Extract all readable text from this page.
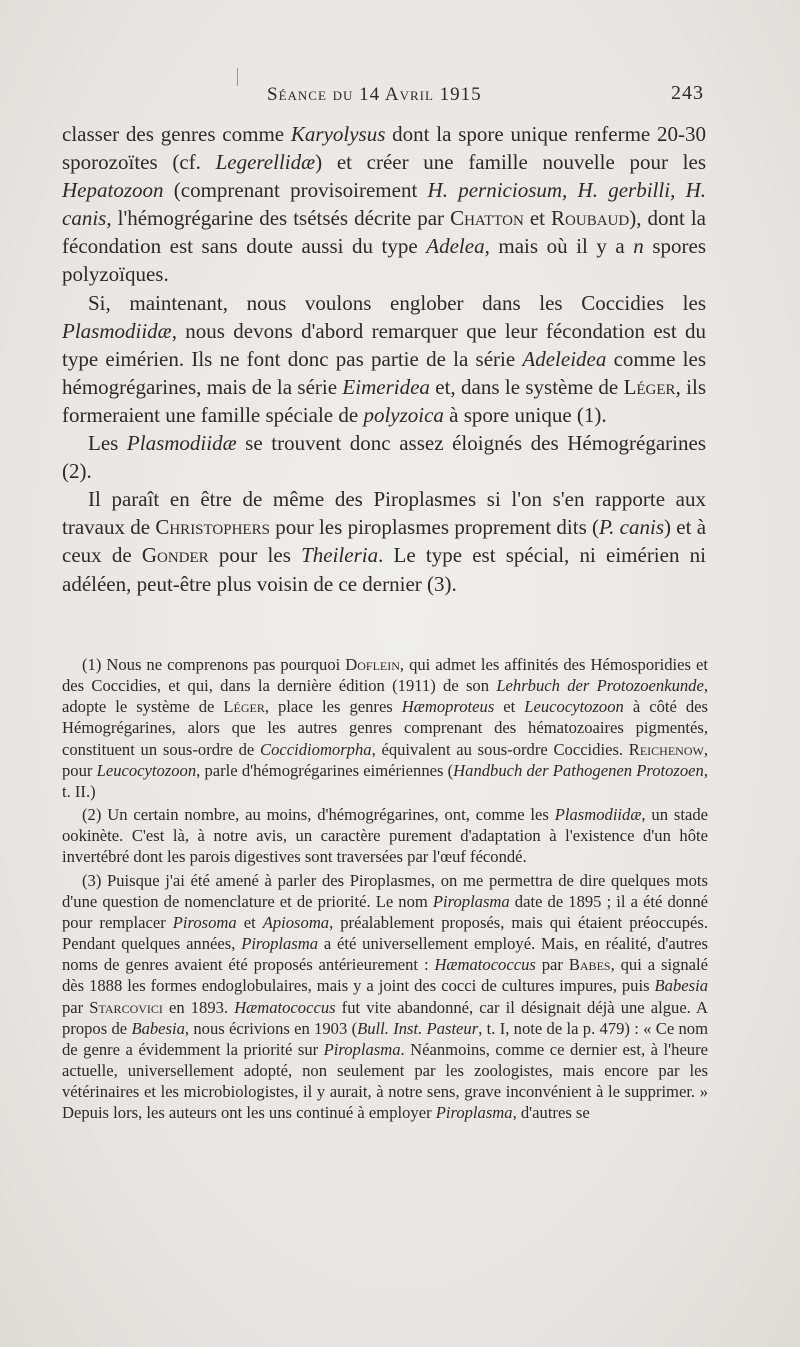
Séance du 14 Avril 1915	243

classer des genres comme Karyolysus dont la spore unique renferme 20-30 sporozoïtes (cf. Legerellidæ) et créer une famille nouvelle pour les Hepatozoon (comprenant provisoirement H. perniciosum, H. gerbilli, H. canis, l'hémogrégarine des tsétsés décrite par Chatton et Roubaud), dont la fécondation est sans doute aussi du type Adelea, mais où il y a n spores polyzoïques.

Si, maintenant, nous voulons englober dans les Coccidies les Plasmodiidæ, nous devons d'abord remarquer que leur fécondation est du type eimérien. Ils ne font donc pas partie de la série Adeleidea comme les hémogrégarines, mais de la série Eimeridea et, dans le système de Léger, ils formeraient une famille spéciale de polyzoica à spore unique (1).

Les Plasmodiidæ se trouvent donc assez éloignés des Hémogrégarines (2).

Il paraît en être de même des Piroplasmes si l'on s'en rapporte aux travaux de Christophers pour les piroplasmes proprement dits (P. canis) et à ceux de Gonder pour les Theileria. Le type est spécial, ni eimérien ni adéléen, peut-être plus voisin de ce dernier (3).

(1) Nous ne comprenons pas pourquoi Doflein, qui admet les affinités des Hémosporidies et des Coccidies, et qui, dans la dernière édition (1911) de son Lehrbuch der Protozoenkunde, adopte le système de Léger, place les genres Hæmoproteus et Leucocytozoon à côté des Hémogrégarines, alors que les autres genres comprenant des hématozoaires pigmentés, constituent un sous-ordre de Coccidiomorpha, équivalent au sous-ordre Coccidies. Reichenow, pour Leucocytozoon, parle d'hémogrégarines eimériennes (Handbuch der Pathogenen Protozoen, t. II.)

(2) Un certain nombre, au moins, d'hémogrégarines, ont, comme les Plasmodiidæ, un stade ookinète. C'est là, à notre avis, un caractère purement d'adaptation à l'existence d'un hôte invertébré dont les parois digestives sont traversées par l'œuf fécondé.

(3) Puisque j'ai été amené à parler des Piroplasmes, on me permettra de dire quelques mots d'une question de nomenclature et de priorité. Le nom Piroplasma date de 1895 ; il a été donné pour remplacer Pirosoma et Apiosoma, préalablement proposés, mais qui étaient préoccupés. Pendant quelques années, Piroplasma a été universellement employé. Mais, en réalité, d'autres noms de genres avaient été proposés antérieurement : Hæmatococcus par Babes, qui a signalé dès 1888 les formes endoglobulaires, mais y a joint des cocci de cultures impures, puis Babesia par Starcovici en 1893. Hæmatococcus fut vite abandonné, car il désignait déjà une algue. A propos de Babesia, nous écrivions en 1903 (Bull. Inst. Pasteur, t. I, note de la p. 479) : « Ce nom de genre a évidemment la priorité sur Piroplasma. Néanmoins, comme ce dernier est, à l'heure actuelle, universellement adopté, non seulement par les zoologistes, mais encore par les vétérinaires et les microbiologistes, il y aurait, à notre sens, grave inconvénient à le supprimer. » Depuis lors, les auteurs ont les uns continué à employer Piroplasma, d'autres se
